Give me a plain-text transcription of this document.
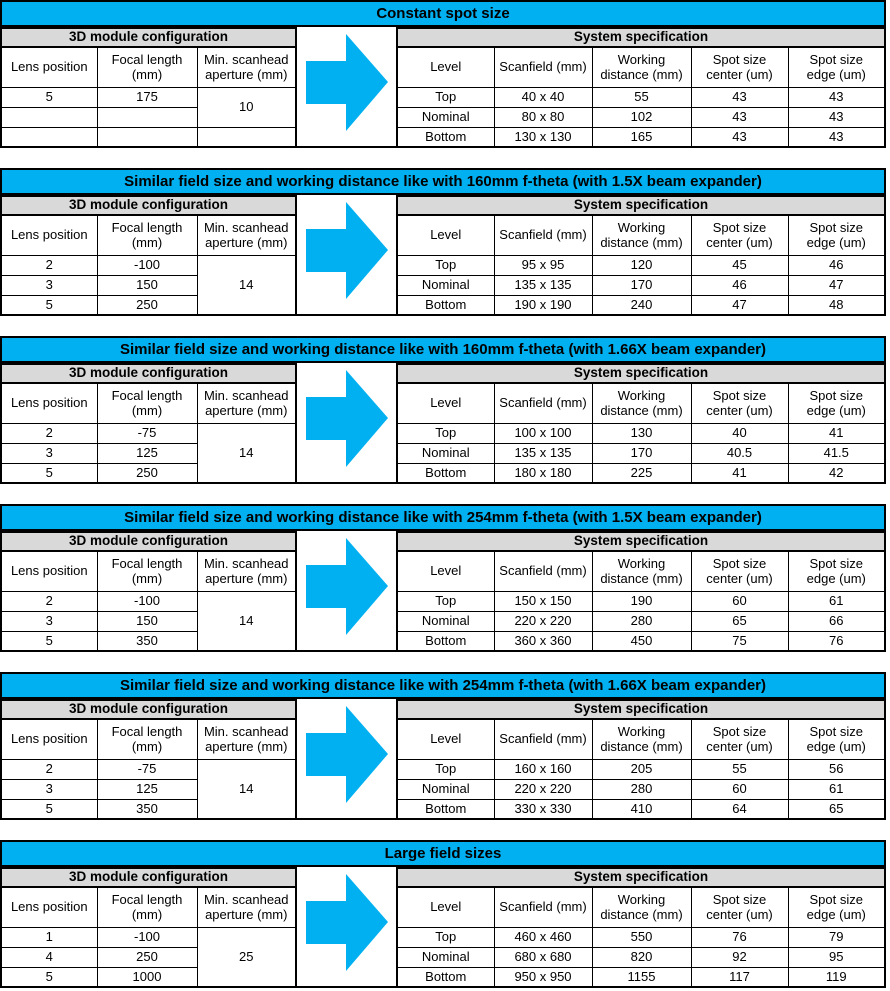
Constant spot size
3D module configuration		

Lens position

Focal length
(mm)

Min. scanhead
aperture (mm)

5	175	10

System specification				

Level	Scanfield (mm)

Working
distance (mm)

Spot size
center (um)

Spot size
edge (um)

Top	40 x 40	55	43	43
Nominal	80 x 80	102	43	43
Bottom	130 x 130	165	43	43
Similar field size and working distance like with 160mm f-theta (with 1.5X beam expander)
3D module configuration		

Lens position

Focal length
(mm)

Min. scanhead
aperture (mm)

2	-100	14
3	150	
5	250	
System specification				

Level	Scanfield (mm)

Working
distance (mm)

Spot size
center (um)

Spot size
edge (um)

Top	95 x 95	120	45	46
Nominal	135 x 135	170	46	47
Bottom	190 x 190	240	47	48
Similar field size and working distance like with 160mm f-theta (with 1.66X beam expander)
3D module configuration		

Lens position

Focal length
(mm)

Min. scanhead
aperture (mm)

2	-75	14
3	125	
5	250	
System specification				

Level	Scanfield (mm)

Working
distance (mm)

Spot size
center (um)

Spot size
edge (um)

Top	100 x 100	130	40	41
Nominal	135 x 135	170	40.5	41.5
Bottom	180 x 180	225	41	42
Similar field size and working distance like with 254mm f-theta (with 1.5X beam expander)
3D module configuration		

Lens position

Focal length
(mm)

Min. scanhead
aperture (mm)

2	-100	14
3	150	
5	350	
System specification				

Level	Scanfield (mm)

Working
distance (mm)

Spot size
center (um)

Spot size
edge (um)

Top	150 x 150	190	60	61
Nominal	220 x 220	280	65	66
Bottom	360 x 360	450	75	76
Similar field size and working distance like with 254mm f-theta (with 1.66X beam expander)
3D module configuration		

Lens position

Focal length
(mm)

Min. scanhead
aperture (mm)

2	-75	14
3	125	
5	350	
System specification				

Level	Scanfield (mm)

Working
distance (mm)

Spot size
center (um)

Spot size
edge (um)

Top	160 x 160	205	55	56
Nominal	220 x 220	280	60	61
Bottom	330 x 330	410	64	65
Large field sizes
3D module configuration		

Lens position

Focal length
(mm)

Min. scanhead
aperture (mm)

1	-100	25
4	250	
5	1000	
System specification				

Level	Scanfield (mm)

Working
distance (mm)

Spot size
center (um)

Spot size
edge (um)

Top	460 x 460	550	76	79
Nominal	680 x 680	820	92	95
Bottom	950 x 950	1155	117	119
